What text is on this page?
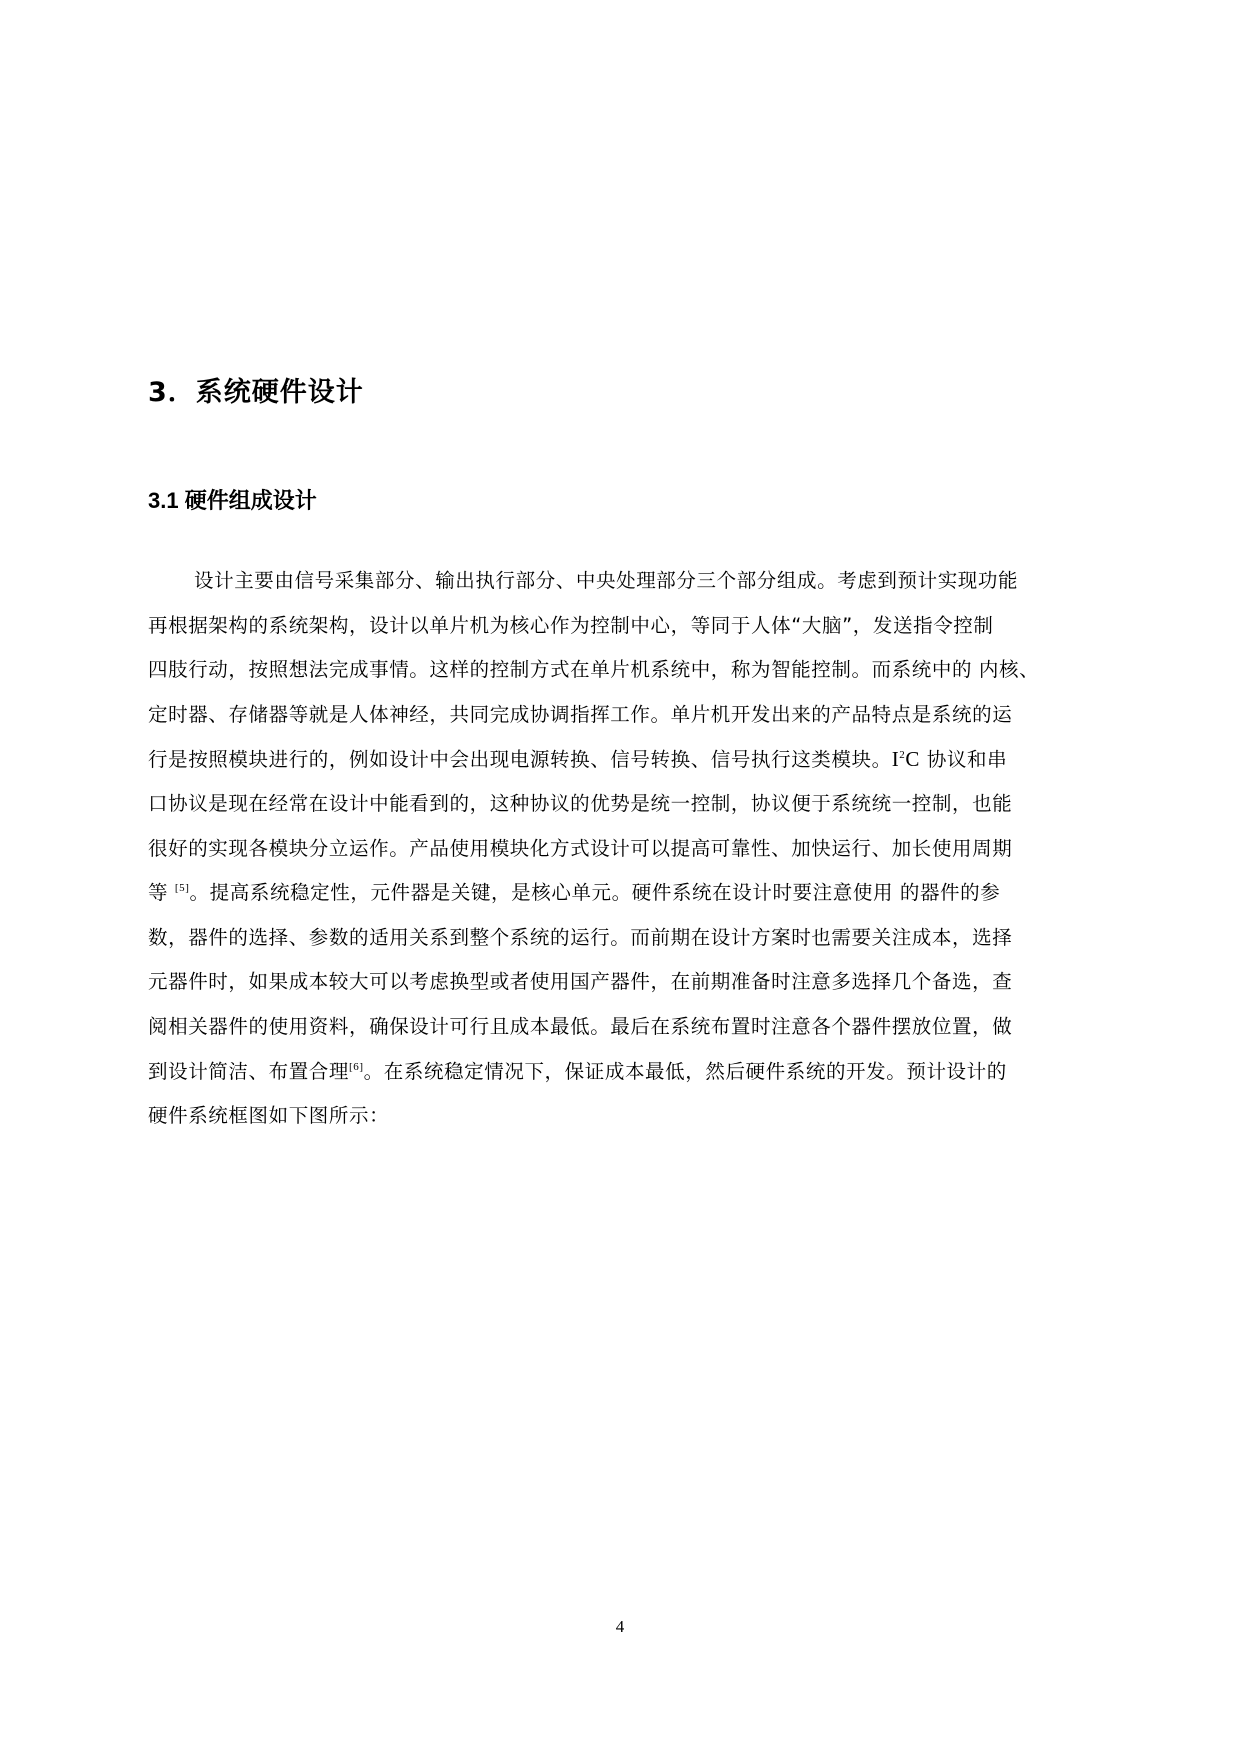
3．系统硬件设计
3.1 硬件组成设计
设计主要由信号采集部分、输出执行部分、中央处理部分三个部分组成。考虑到预计实现功能
再根据架构的系统架构，设计以单片机为核心作为控制中心，等同于人体“大脑”，发送指令控制
四肢行动，按照想法完成事情。这样的控制方式在单片机系统中，称为智能控制。而系统中的 内核、
定时器、存储器等就是人体神经，共同完成协调指挥工作。单片机开发出来的产品特点是系统的运
行是按照模块进行的，例如设计中会出现电源转换、信号转换、信号执行这类模块。$I^2C$ 协议和串
口协议是现在经常在设计中能看到的，这种协议的优势是统一控制，协议便于系统统一控制，也能
很好的实现各模块分立运作。产品使用模块化方式设计可以提高可靠性、加快运行、加长使用周期
等 [5]。提高系统稳定性，元件器是关键，是核心单元。硬件系统在设计时要注意使用 的器件的参
数，器件的选择、参数的适用关系到整个系统的运行。而前期在设计方案时也需要关注成本，选择
元器件时，如果成本较大可以考虑换型或者使用国产器件，在前期准备时注意多选择几个备选，查
阅相关器件的使用资料，确保设计可行且成本最低。最后在系统布置时注意各个器件摆放位置，做
到设计简洁、布置合理[6]。在系统稳定情况下，保证成本最低，然后硬件系统的开发。预计设计的
硬件系统框图如下图所示：
4
